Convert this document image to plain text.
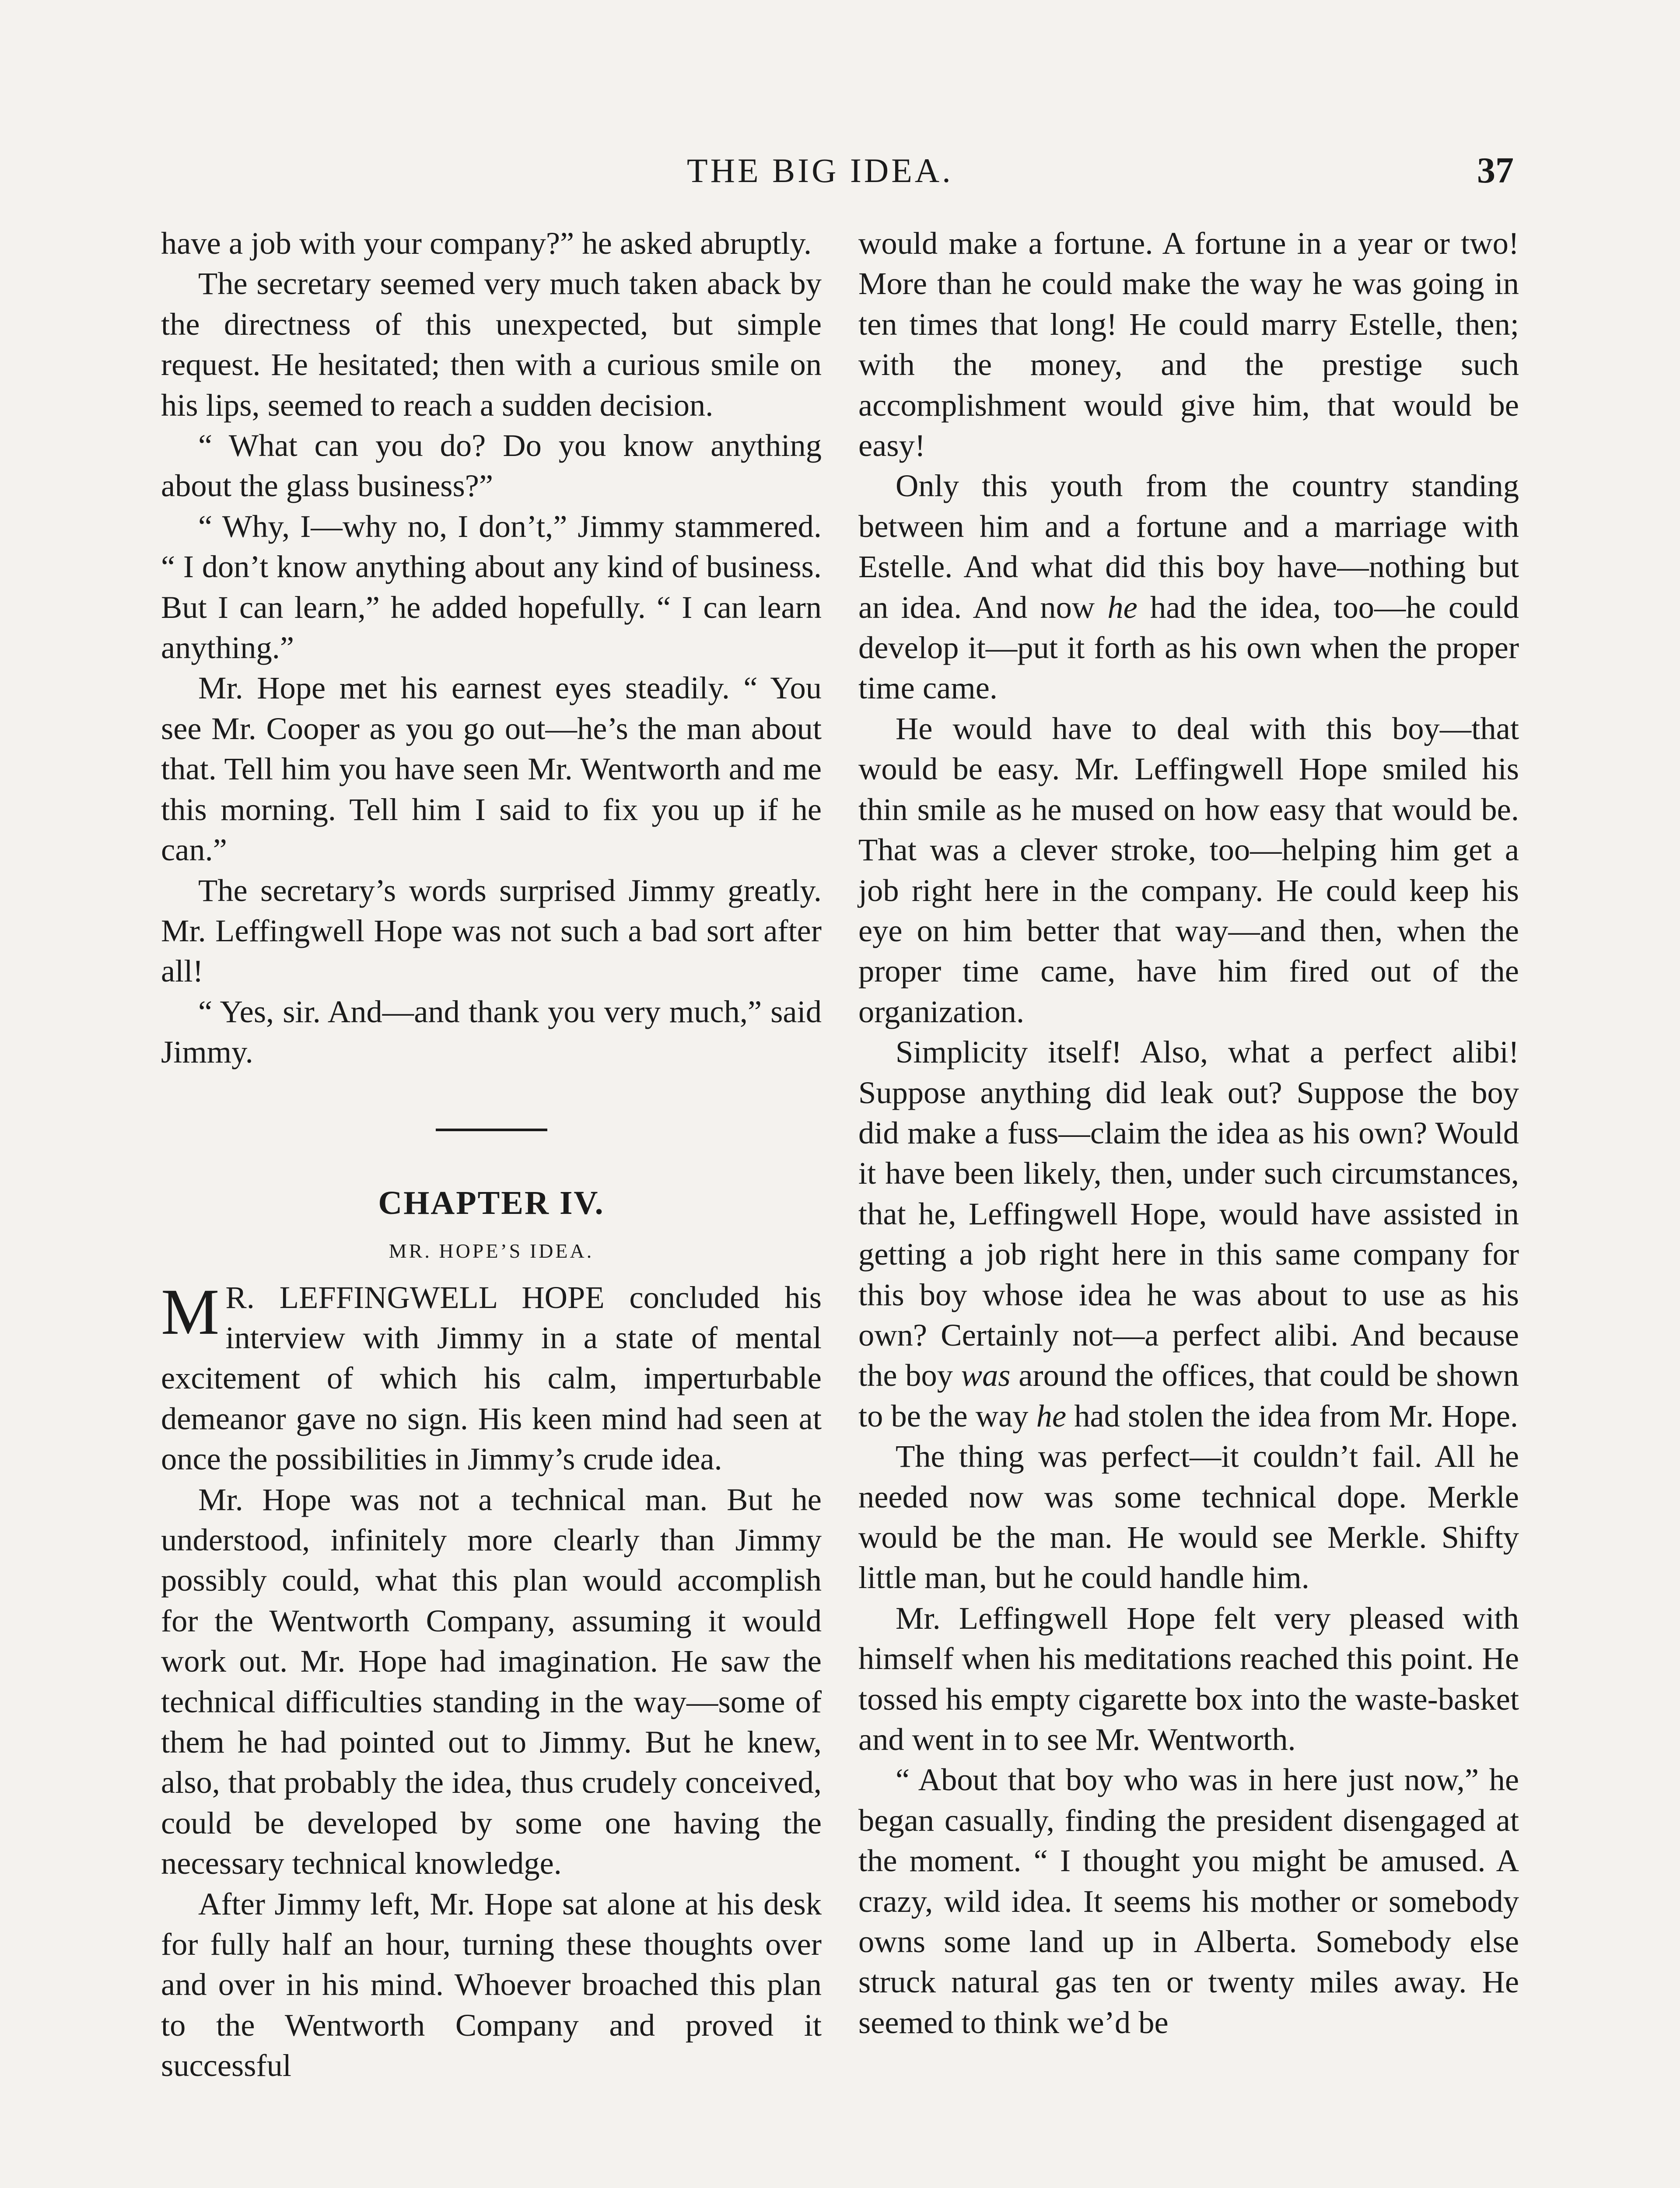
THE BIG IDEA.	37

have a job with your company?” he asked abruptly.

The secretary seemed very much taken aback by the directness of this unexpected, but simple request. He hesitated; then with a curious smile on his lips, seemed to reach a sudden decision.

“ What can you do? Do you know anything about the glass business?”

“ Why, I—why no, I don’t,” Jimmy stammered. “ I don’t know anything about any kind of business. But I can learn,” he added hopefully. “ I can learn anything.”

Mr. Hope met his earnest eyes steadily. “ You see Mr. Cooper as you go out—he’s the man about that. Tell him you have seen Mr. Wentworth and me this morning. Tell him I said to fix you up if he can.”

The secretary’s words surprised Jimmy greatly. Mr. Leffingwell Hope was not such a bad sort after all!

“ Yes, sir. And—and thank you very much,” said Jimmy.

CHAPTER IV.
MR. HOPE’S IDEA.

M R. LEFFINGWELL HOPE concluded his interview with Jimmy in a state of mental excitement of which his calm, imperturbable demeanor gave no sign. His keen mind had seen at once the possibilities in Jimmy’s crude idea.

Mr. Hope was not a technical man. But he understood, infinitely more clearly than Jimmy possibly could, what this plan would accomplish for the Wentworth Company, assuming it would work out. Mr. Hope had imagination. He saw the technical difficulties standing in the way—some of them he had pointed out to Jimmy. But he knew, also, that probably the idea, thus crudely conceived, could be developed by some one having the necessary technical knowledge.

After Jimmy left, Mr. Hope sat alone at his desk for fully half an hour, turning these thoughts over and over in his mind. Whoever broached this plan to the Wentworth Company and proved it successful

would make a fortune. A fortune in a year or two! More than he could make the way he was going in ten times that long! He could marry Estelle, then; with the money, and the prestige such accomplishment would give him, that would be easy!

Only this youth from the country standing between him and a fortune and a marriage with Estelle. And what did this boy have—nothing but an idea. And now he had the idea, too—he could develop it—put it forth as his own when the proper time came.

He would have to deal with this boy—that would be easy. Mr. Leffingwell Hope smiled his thin smile as he mused on how easy that would be. That was a clever stroke, too—helping him get a job right here in the company. He could keep his eye on him better that way—and then, when the proper time came, have him fired out of the organization.

Simplicity itself! Also, what a perfect alibi! Suppose anything did leak out? Suppose the boy did make a fuss—claim the idea as his own? Would it have been likely, then, under such circumstances, that he, Leffingwell Hope, would have assisted in getting a job right here in this same company for this boy whose idea he was about to use as his own? Certainly not—a perfect alibi. And because the boy was around the offices, that could be shown to be the way he had stolen the idea from Mr. Hope.

The thing was perfect—it couldn’t fail. All he needed now was some technical dope. Merkle would be the man. He would see Merkle. Shifty little man, but he could handle him.

Mr. Leffingwell Hope felt very pleased with himself when his meditations reached this point. He tossed his empty cigarette box into the waste-basket and went in to see Mr. Wentworth.

“ About that boy who was in here just now,” he began casually, finding the president disengaged at the moment. “ I thought you might be amused. A crazy, wild idea. It seems his mother or somebody owns some land up in Alberta. Somebody else struck natural gas ten or twenty miles away. He seemed to think we’d be
